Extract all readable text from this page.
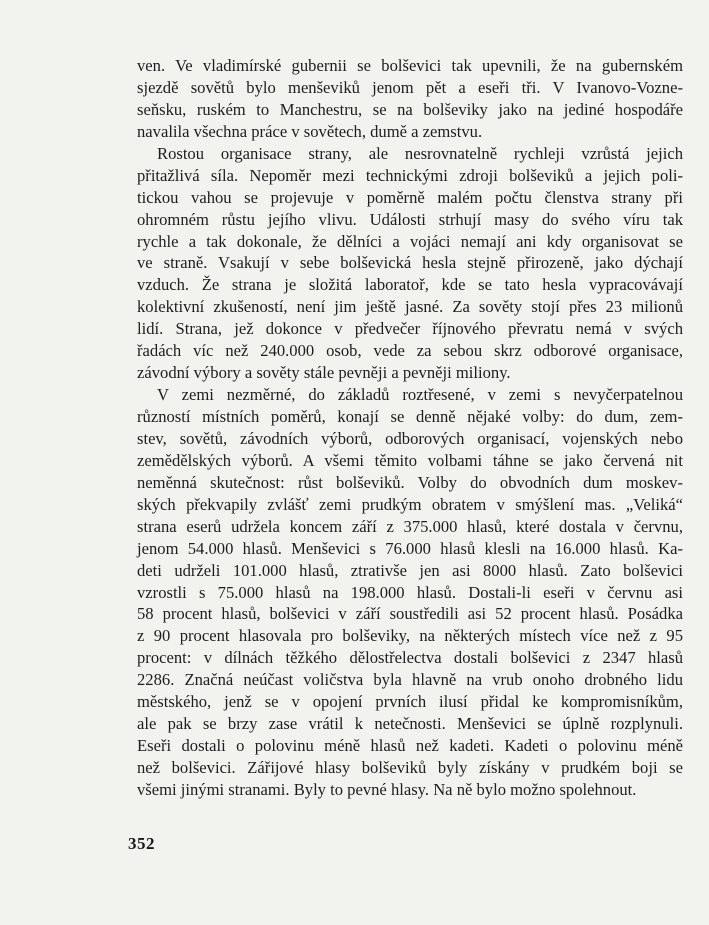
ven. Ve vladimírské gubernii se bolševici tak upevnili, že na gubernském
sjezdě sovětů bylo menševiků jenom pět a eseři tři. V Ivanovo-Vozne-
seňsku, ruském to Manchestru, se na bolševiky jako na jediné hospodáře
navalila všechna práce v sovětech, dumě a zemstvu.
Rostou organisace strany, ale nesrovnatelně rychleji vzrůstá jejich
přitažlivá síla. Nepoměr mezi technickými zdroji bolševiků a jejich poli-
tickou vahou se projevuje v poměrně malém počtu členstva strany při
ohromném růstu jejího vlivu. Události strhují masy do svého víru tak
rychle a tak dokonale, že dělníci a vojáci nemají ani kdy organisovat se
ve straně. Vsakují v sebe bolševická hesla stejně přirozeně, jako dýchají
vzduch. Že strana je složitá laboratoř, kde se tato hesla vypracovávají
kolektivní zkušeností, není jim ještě jasné. Za sověty stojí přes 23 milionů
lidí. Strana, jež dokonce v předvečer říjnového převratu nemá v svých
řadách víc než 240.000 osob, vede za sebou skrz odborové organisace,
závodní výbory a sověty stále pevněji a pevněji miliony.
V zemi nezměrné, do základů roztřesené, v zemi s nevyčerpatelnou
růzností místních poměrů, konají se denně nějaké volby: do dum, zem-
stev, sovětů, závodních výborů, odborových organisací, vojenských nebo
zemědělských výborů. A všemi těmito volbami táhne se jako červená nit
neměnná skutečnost: růst bolševiků. Volby do obvodních dum moskev-
ských překvapily zvlášť zemi prudkým obratem v smýšlení mas. „Veliká“
strana eserů udržela koncem září z 375.000 hlasů, které dostala v červnu,
jenom 54.000 hlasů. Menševici s 76.000 hlasů klesli na 16.000 hlasů. Ka-
deti udrželi 101.000 hlasů, ztrativše jen asi 8000 hlasů. Zato bolševici
vzrostli s 75.000 hlasů na 198.000 hlasů. Dostali-li eseři v červnu asi
58 procent hlasů, bolševici v září soustředili asi 52 procent hlasů. Posádka
z 90 procent hlasovala pro bolševiky, na některých místech více než z 95
procent: v dílnách těžkého dělostřelectva dostali bolševici z 2347 hlasů
2286. Značná neúčast voličstva byla hlavně na vrub onoho drobného lidu
městského, jenž se v opojení prvních ilusí přidal ke kompromisníkům,
ale pak se brzy zase vrátil k netečnosti. Menševici se úplně rozplynuli.
Eseři dostali o polovinu méně hlasů než kadeti. Kadeti o polovinu méně
než bolševici. Zářijové hlasy bolševiků byly získány v prudkém boji se
všemi jinými stranami. Byly to pevné hlasy. Na ně bylo možno spolehnout.
352
